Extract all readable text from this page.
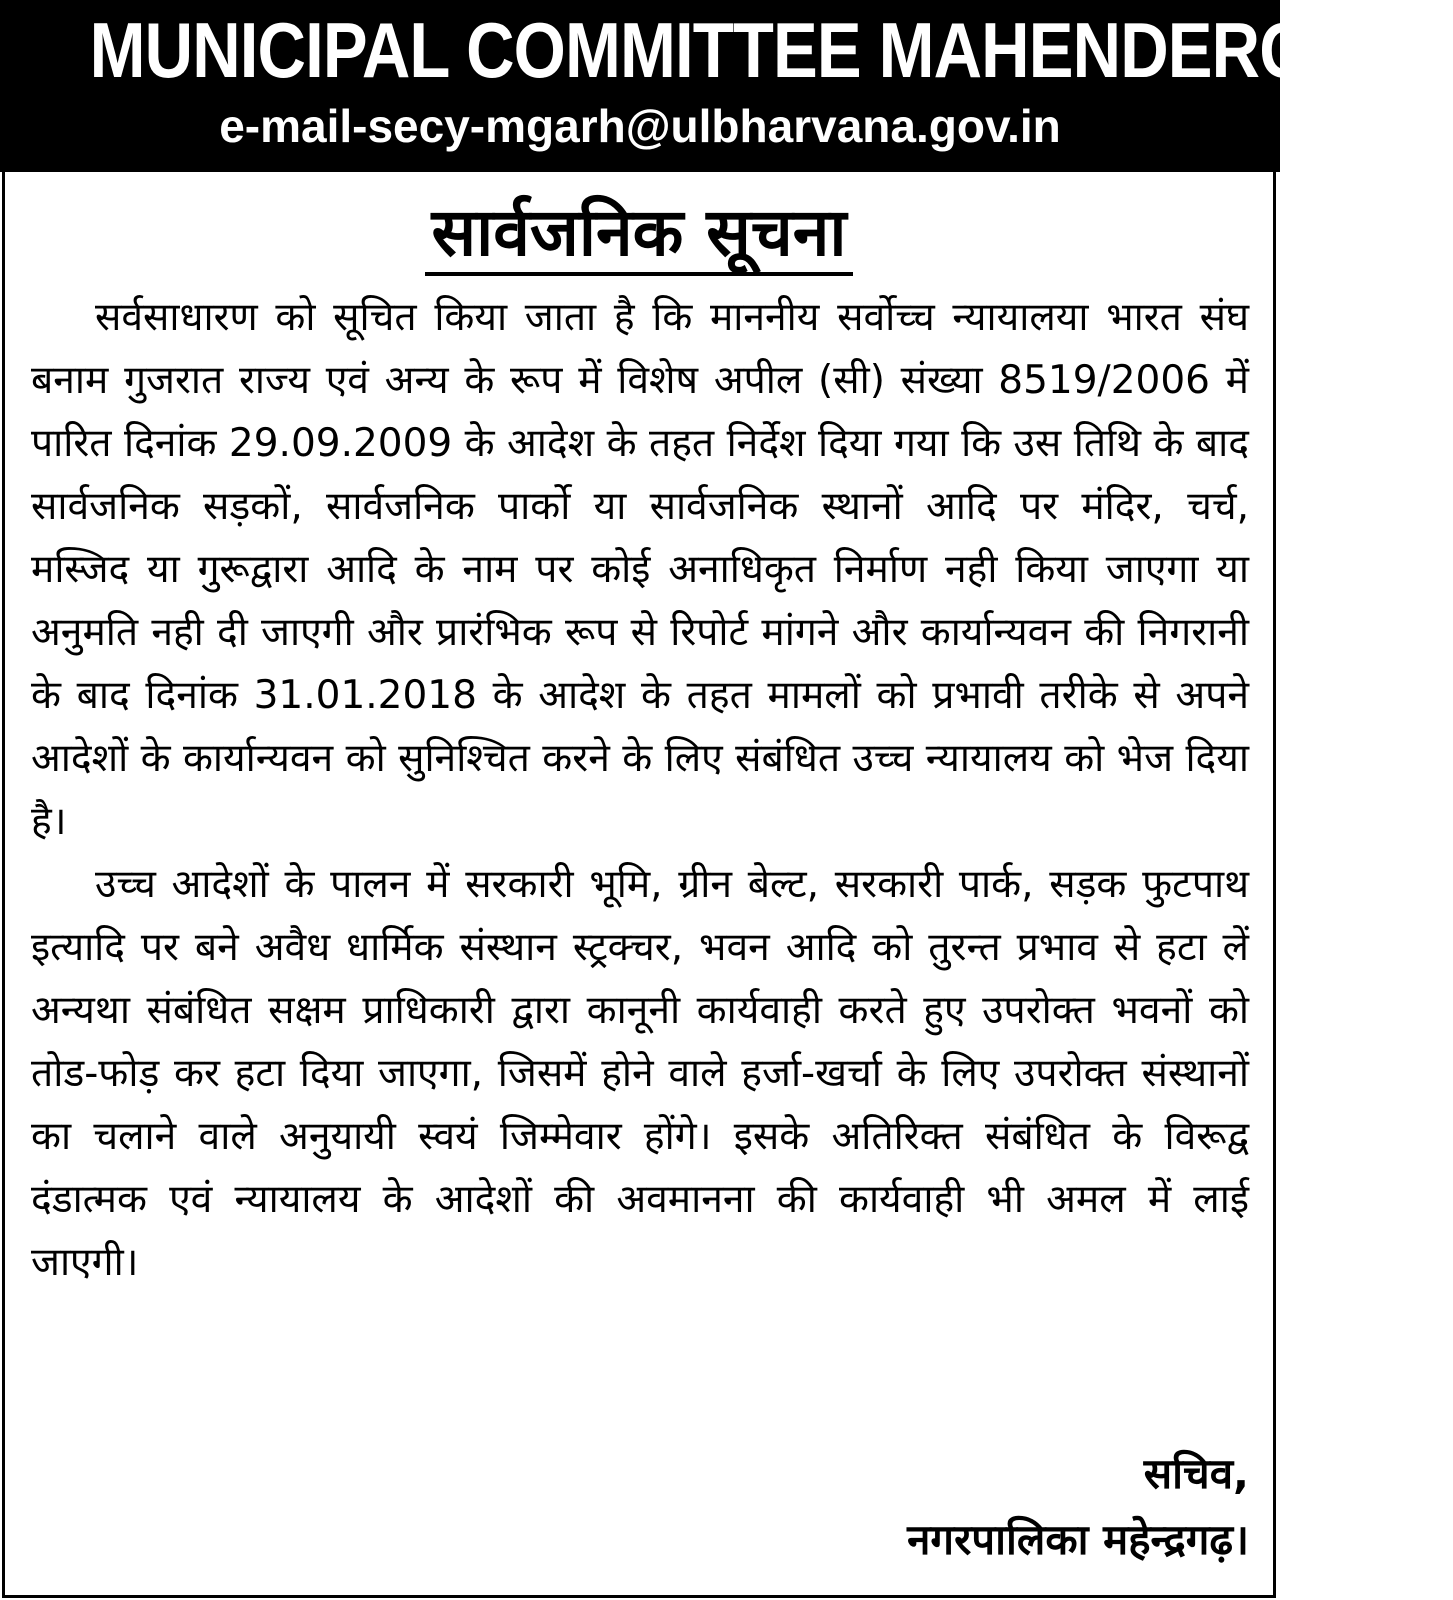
MUNICIPAL COMMITTEE MAHENDERGARH
e-mail-secy-mgarh@ulbharvana.gov.in
सार्वजनिक सूचना

सर्वसाधारण को सूचित किया जाता है कि माननीय सर्वोच्च न्यायालया भारत संघ बनाम गुजरात राज्य एवं अन्य के रूप में विशेष अपील (सी) संख्या 8519/2006 में पारित दिनांक 29.09.2009 के आदेश के तहत निर्देश दिया गया कि उस तिथि के बाद सार्वजनिक सड़कों, सार्वजनिक पार्को या सार्वजनिक स्थानों आदि पर मंदिर, चर्च, मस्जिद या गुरूद्वारा आदि के नाम पर कोई अनाधिकृत निर्माण नही किया जाएगा या अनुमति नही दी जाएगी और प्रारंभिक रूप से रिपोर्ट मांगने और कार्यान्यवन की निगरानी के बाद दिनांक 31.01.2018 के आदेश के तहत मामलों को प्रभावी तरीके से अपने आदेशों के कार्यान्यवन को सुनिश्चित करने के लिए संबंधित उच्च न्यायालय को भेज दिया है।

उच्च आदेशों के पालन में सरकारी भूमि, ग्रीन बेल्ट, सरकारी पार्क, सड़क फुटपाथ इत्यादि पर बने अवैध धार्मिक संस्थान स्ट्रक्चर, भवन आदि को तुरन्त प्रभाव से हटा लें अन्यथा संबंधित सक्षम प्राधिकारी द्वारा कानूनी कार्यवाही करते हुए उपरोक्त भवनों को तोड-फोड़ कर हटा दिया जाएगा, जिसमें होने वाले हर्जा-खर्चा के लिए उपरोक्त संस्थानों का चलाने वाले अनुयायी स्वयं जिम्मेवार होंगे। इसके अतिरिक्त संबंधित के विरूद्व दंडात्मक एवं न्यायालय के आदेशों की अवमानना की कार्यवाही भी अमल में लाई जाएगी।

सचिव,
नगरपालिका महेन्द्रगढ़।
